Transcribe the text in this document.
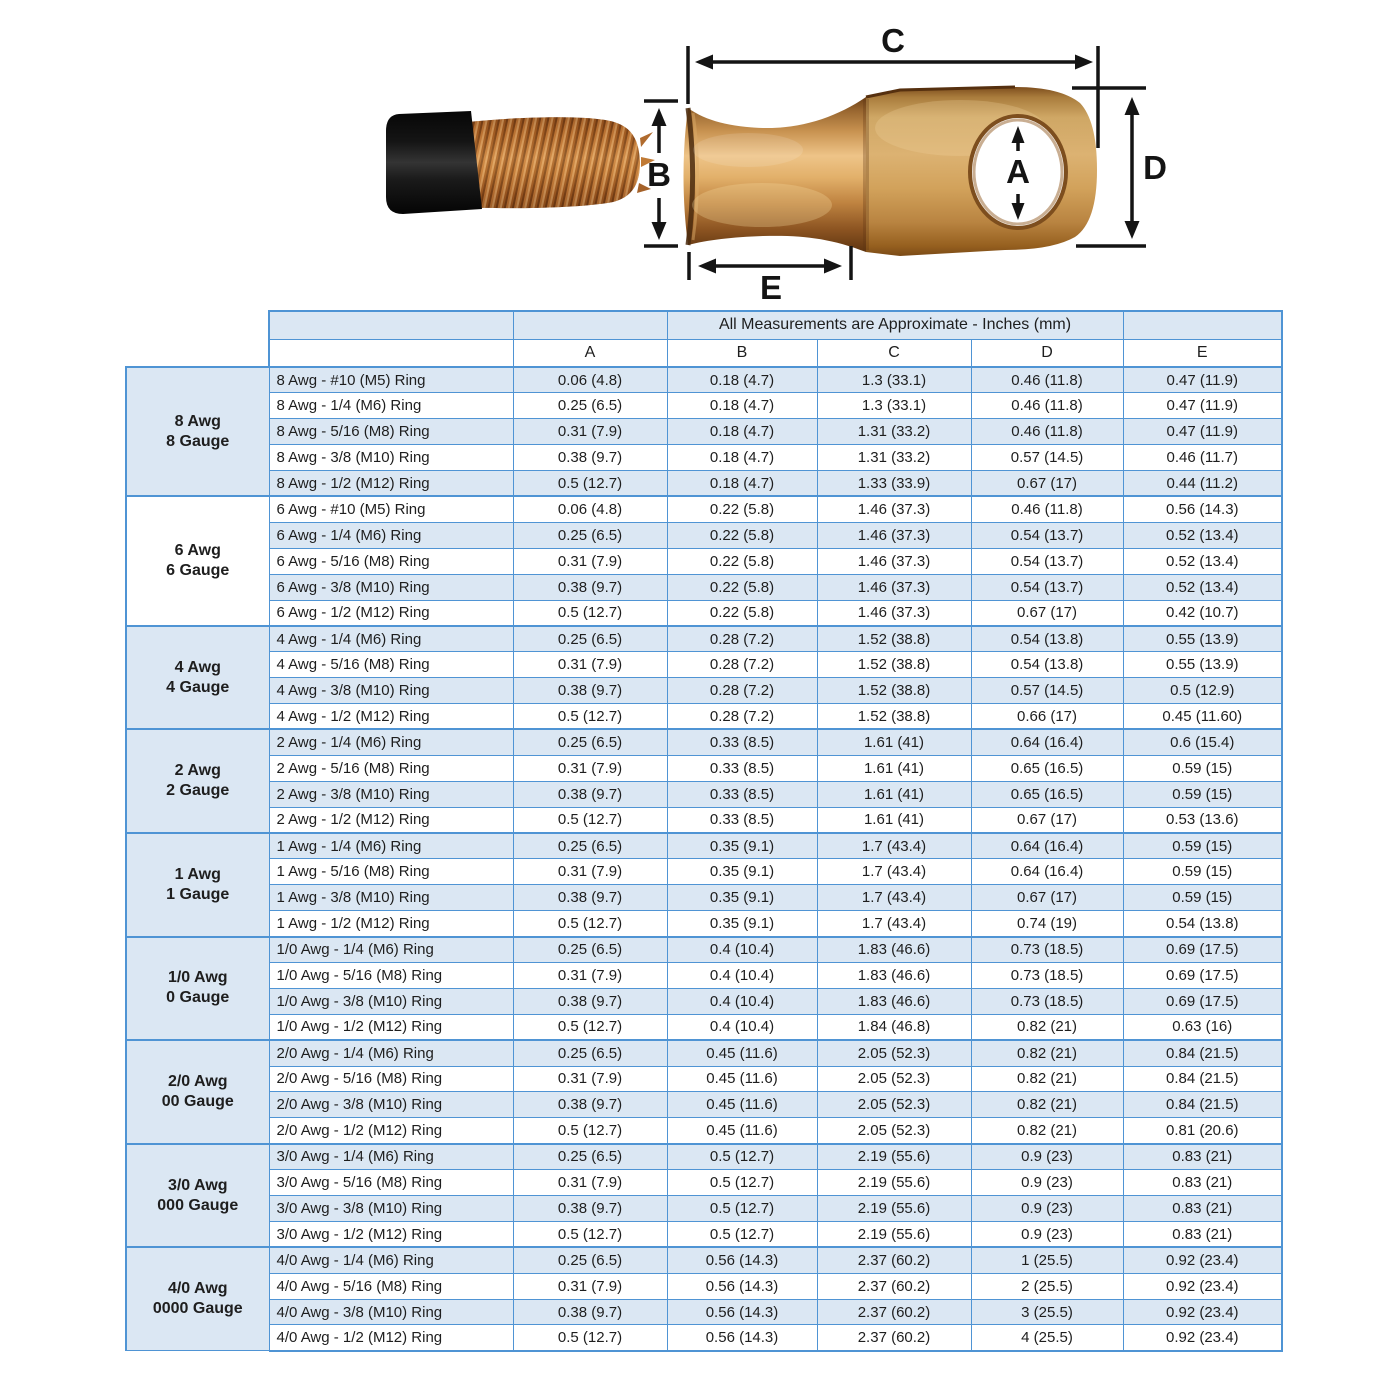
C
B	A	D
E
			All Measurements are Approximate - Inches (mm)			
		A	B	C	D	E

8 Awg
8 Gauge	8 Awg - #10 (M5) Ring	0.06 (4.8)	0.18 (4.7)	1.3 (33.1)	0.46 (11.8)	0.47 (11.9)
	8 Awg - 1/4 (M6) Ring	0.25 (6.5)	0.18 (4.7)	1.3 (33.1)	0.46 (11.8)	0.47 (11.9)
	8 Awg - 5/16 (M8) Ring	0.31 (7.9)	0.18 (4.7)	1.31 (33.2)	0.46 (11.8)	0.47 (11.9)
	8 Awg - 3/8 (M10) Ring	0.38 (9.7)	0.18 (4.7)	1.31 (33.2)	0.57 (14.5)	0.46 (11.7)
	8 Awg - 1/2 (M12) Ring	0.5 (12.7)	0.18 (4.7)	1.33 (33.9)	0.67 (17)	0.44 (11.2)

6 Awg
6 Gauge	6 Awg - #10 (M5) Ring	0.06 (4.8)	0.22 (5.8)	1.46 (37.3)	0.46 (11.8)	0.56 (14.3)
	6 Awg - 1/4 (M6) Ring	0.25 (6.5)	0.22 (5.8)	1.46 (37.3)	0.54 (13.7)	0.52 (13.4)
	6 Awg - 5/16 (M8) Ring	0.31 (7.9)	0.22 (5.8)	1.46 (37.3)	0.54 (13.7)	0.52 (13.4)
	6 Awg - 3/8 (M10) Ring	0.38 (9.7)	0.22 (5.8)	1.46 (37.3)	0.54 (13.7)	0.52 (13.4)
	6 Awg - 1/2 (M12) Ring	0.5 (12.7)	0.22 (5.8)	1.46 (37.3)	0.67 (17)	0.42 (10.7)

4 Awg
4 Gauge	4 Awg - 1/4 (M6) Ring	0.25 (6.5)	0.28 (7.2)	1.52 (38.8)	0.54 (13.8)	0.55 (13.9)
	4 Awg - 5/16 (M8) Ring	0.31 (7.9)	0.28 (7.2)	1.52 (38.8)	0.54 (13.8)	0.55 (13.9)
	4 Awg - 3/8 (M10) Ring	0.38 (9.7)	0.28 (7.2)	1.52 (38.8)	0.57 (14.5)	0.5 (12.9)
	4 Awg - 1/2 (M12) Ring	0.5 (12.7)	0.28 (7.2)	1.52 (38.8)	0.66 (17)	0.45 (11.60)

2 Awg
2 Gauge	2 Awg - 1/4 (M6) Ring	0.25 (6.5)	0.33 (8.5)	1.61 (41)	0.64 (16.4)	0.6 (15.4)
	2 Awg - 5/16 (M8) Ring	0.31 (7.9)	0.33 (8.5)	1.61 (41)	0.65 (16.5)	0.59 (15)
	2 Awg - 3/8 (M10) Ring	0.38 (9.7)	0.33 (8.5)	1.61 (41)	0.65 (16.5)	0.59 (15)
	2 Awg - 1/2 (M12) Ring	0.5 (12.7)	0.33 (8.5)	1.61 (41)	0.67 (17)	0.53 (13.6)

1 Awg
1 Gauge	1 Awg - 1/4 (M6) Ring	0.25 (6.5)	0.35 (9.1)	1.7 (43.4)	0.64 (16.4)	0.59 (15)
	1 Awg - 5/16 (M8) Ring	0.31 (7.9)	0.35 (9.1)	1.7 (43.4)	0.64 (16.4)	0.59 (15)
	1 Awg - 3/8 (M10) Ring	0.38 (9.7)	0.35 (9.1)	1.7 (43.4)	0.67 (17)	0.59 (15)
	1 Awg - 1/2 (M12) Ring	0.5 (12.7)	0.35 (9.1)	1.7 (43.4)	0.74 (19)	0.54 (13.8)

1/0 Awg
0 Gauge	1/0 Awg - 1/4 (M6) Ring	0.25 (6.5)	0.4 (10.4)	1.83 (46.6)	0.73 (18.5)	0.69 (17.5)
	1/0 Awg - 5/16 (M8) Ring	0.31 (7.9)	0.4 (10.4)	1.83 (46.6)	0.73 (18.5)	0.69 (17.5)
	1/0 Awg - 3/8 (M10) Ring	0.38 (9.7)	0.4 (10.4)	1.83 (46.6)	0.73 (18.5)	0.69 (17.5)
	1/0 Awg - 1/2 (M12) Ring	0.5 (12.7)	0.4 (10.4)	1.84 (46.8)	0.82 (21)	0.63 (16)

2/0 Awg
00 Gauge	2/0 Awg - 1/4 (M6) Ring	0.25 (6.5)	0.45 (11.6)	2.05 (52.3)	0.82 (21)	0.84 (21.5)
	2/0 Awg - 5/16 (M8) Ring	0.31 (7.9)	0.45 (11.6)	2.05 (52.3)	0.82 (21)	0.84 (21.5)
	2/0 Awg - 3/8 (M10) Ring	0.38 (9.7)	0.45 (11.6)	2.05 (52.3)	0.82 (21)	0.84 (21.5)
	2/0 Awg - 1/2 (M12) Ring	0.5 (12.7)	0.45 (11.6)	2.05 (52.3)	0.82 (21)	0.81 (20.6)

3/0 Awg
000 Gauge	3/0 Awg - 1/4 (M6) Ring	0.25 (6.5)	0.5 (12.7)	2.19 (55.6)	0.9 (23)	0.83 (21)
	3/0 Awg - 5/16 (M8) Ring	0.31 (7.9)	0.5 (12.7)	2.19 (55.6)	0.9 (23)	0.83 (21)
	3/0 Awg - 3/8 (M10) Ring	0.38 (9.7)	0.5 (12.7)	2.19 (55.6)	0.9 (23)	0.83 (21)
	3/0 Awg - 1/2 (M12) Ring	0.5 (12.7)	0.5 (12.7)	2.19 (55.6)	0.9 (23)	0.83 (21)

4/0 Awg
0000 Gauge	4/0 Awg - 1/4 (M6) Ring	0.25 (6.5)	0.56 (14.3)	2.37 (60.2)	1 (25.5)	0.92 (23.4)
	4/0 Awg - 5/16 (M8) Ring	0.31 (7.9)	0.56 (14.3)	2.37 (60.2)	2 (25.5)	0.92 (23.4)
	4/0 Awg - 3/8 (M10) Ring	0.38 (9.7)	0.56 (14.3)	2.37 (60.2)	3 (25.5)	0.92 (23.4)
	4/0 Awg - 1/2 (M12) Ring	0.5 (12.7)	0.56 (14.3)	2.37 (60.2)	4 (25.5)	0.92 (23.4)
